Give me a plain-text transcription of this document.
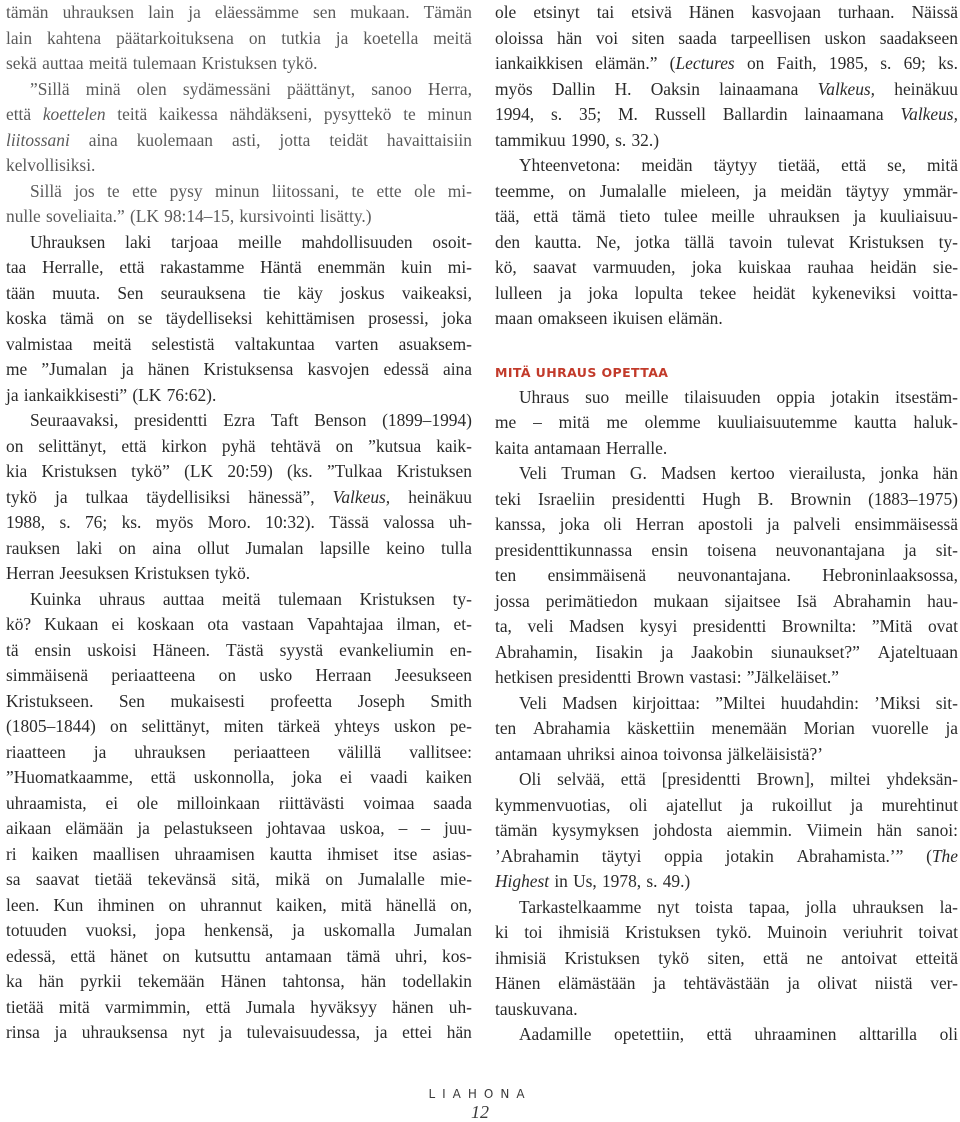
tämän uhrauksen lain ja eläessämme sen mukaan. Tämän
lain kahtena päätarkoituksena on tutkia ja koetella meitä
sekä auttaa meitä tulemaan Kristuksen tykö.
”Sillä minä olen sydämessäni päättänyt, sanoo Herra,
että koettelen teitä kaikessa nähdäkseni, pysyttekö te minun
liitossani aina kuolemaan asti, jotta teidät havaittaisiin
kelvollisiksi.
Sillä jos te ette pysy minun liitossani, te ette ole mi-
nulle soveliaita.” (LK 98:14–15, kursivointi lisätty.)
Uhrauksen laki tarjoaa meille mahdollisuuden osoit-
taa Herralle, että rakastamme Häntä enemmän kuin mi-
tään muuta. Sen seurauksena tie käy joskus vaikeaksi,
koska tämä on se täydelliseksi kehittämisen prosessi, joka
valmistaa meitä selestistä valtakuntaa varten asuaksem-
me ”Jumalan ja hänen Kristuksensa kasvojen edessä aina
ja iankaikkisesti” (LK 76:62).
Seuraavaksi, presidentti Ezra Taft Benson (1899–1994)
on selittänyt, että kirkon pyhä tehtävä on ”kutsua kaik-
kia Kristuksen tykö” (LK 20:59) (ks. ”Tulkaa Kristuksen
tykö ja tulkaa täydellisiksi hänessä”, Valkeus, heinäkuu
1988, s. 76; ks. myös Moro. 10:32). Tässä valossa uh-
rauksen laki on aina ollut Jumalan lapsille keino tulla
Herran Jeesuksen Kristuksen tykö.
Kuinka uhraus auttaa meitä tulemaan Kristuksen ty-
kö? Kukaan ei koskaan ota vastaan Vapahtajaa ilman, et-
tä ensin uskoisi Häneen. Tästä syystä evankeliumin en-
simmäisenä periaatteena on usko Herraan Jeesukseen
Kristukseen. Sen mukaisesti profeetta Joseph Smith
(1805–1844) on selittänyt, miten tärkeä yhteys uskon pe-
riaatteen ja uhrauksen periaatteen välillä vallitsee:
”Huomatkaamme, että uskonnolla, joka ei vaadi kaiken
uhraamista, ei ole milloinkaan riittävästi voimaa saada
aikaan elämään ja pelastukseen johtavaa uskoa, – – juu-
ri kaiken maallisen uhraamisen kautta ihmiset itse asias-
sa saavat tietää tekevänsä sitä, mikä on Jumalalle mie-
leen. Kun ihminen on uhrannut kaiken, mitä hänellä on,
totuuden vuoksi, jopa henkensä, ja uskomalla Jumalan
edessä, että hänet on kutsuttu antamaan tämä uhri, kos-
ka hän pyrkii tekemään Hänen tahtonsa, hän todellakin
tietää mitä varmimmin, että Jumala hyväksyy hänen uh-
rinsa ja uhrauksensa nyt ja tulevaisuudessa, ja ettei hän
ole etsinyt tai etsivä Hänen kasvojaan turhaan. Näissä
oloissa hän voi siten saada tarpeellisen uskon saadakseen
iankaikkisen elämän.” (Lectures on Faith, 1985, s. 69; ks.
myös Dallin H. Oaksin lainaamana Valkeus, heinäkuu
1994, s. 35; M. Russell Ballardin lainaamana Valkeus,
tammikuu 1990, s. 32.)
Yhteenvetona: meidän täytyy tietää, että se, mitä
teemme, on Jumalalle mieleen, ja meidän täytyy ymmär-
tää, että tämä tieto tulee meille uhrauksen ja kuuliaisuu-
den kautta. Ne, jotka tällä tavoin tulevat Kristuksen ty-
kö, saavat varmuuden, joka kuiskaa rauhaa heidän sie-
lulleen ja joka lopulta tekee heidät kykeneviksi voitta-
maan omakseen ikuisen elämän.
MITÄ UHRAUS OPETTAA
Uhraus suo meille tilaisuuden oppia jotakin itsestäm-
me – mitä me olemme kuuliaisuutemme kautta haluk-
kaita antamaan Herralle.
Veli Truman G. Madsen kertoo vierailusta, jonka hän
teki Israeliin presidentti Hugh B. Brownin (1883–1975)
kanssa, joka oli Herran apostoli ja palveli ensimmäisessä
presidenttikunnassa ensin toisena neuvonantajana ja sit-
ten ensimmäisenä neuvonantajana. Hebroninlaaksossa,
jossa perimätiedon mukaan sijaitsee Isä Abrahamin hau-
ta, veli Madsen kysyi presidentti Brownilta: ”Mitä ovat
Abrahamin, Iisakin ja Jaakobin siunaukset?” Ajateltuaan
hetkisen presidentti Brown vastasi: ”Jälkeläiset.”
Veli Madsen kirjoittaa: ”Miltei huudahdin: ’Miksi sit-
ten Abrahamia käskettiin menemään Morian vuorelle ja
antamaan uhriksi ainoa toivonsa jälkeläisistä?’
Oli selvää, että [presidentti Brown], miltei yhdeksän-
kymmenvuotias, oli ajatellut ja rukoillut ja murehtinut
tämän kysymyksen johdosta aiemmin. Viimein hän sanoi:
’Abrahamin täytyi oppia jotakin Abrahamista.’” (The
Highest in Us, 1978, s. 49.)
Tarkastelkaamme nyt toista tapaa, jolla uhrauksen la-
ki toi ihmisiä Kristuksen tykö. Muinoin veriuhrit toivat
ihmisiä Kristuksen tykö siten, että ne antoivat etteitä
Hänen elämästään ja tehtävästään ja olivat niistä ver-
tauskuvana.
Aadamille opetettiin, että uhraaminen alttarilla oli
LIAHONA
12
